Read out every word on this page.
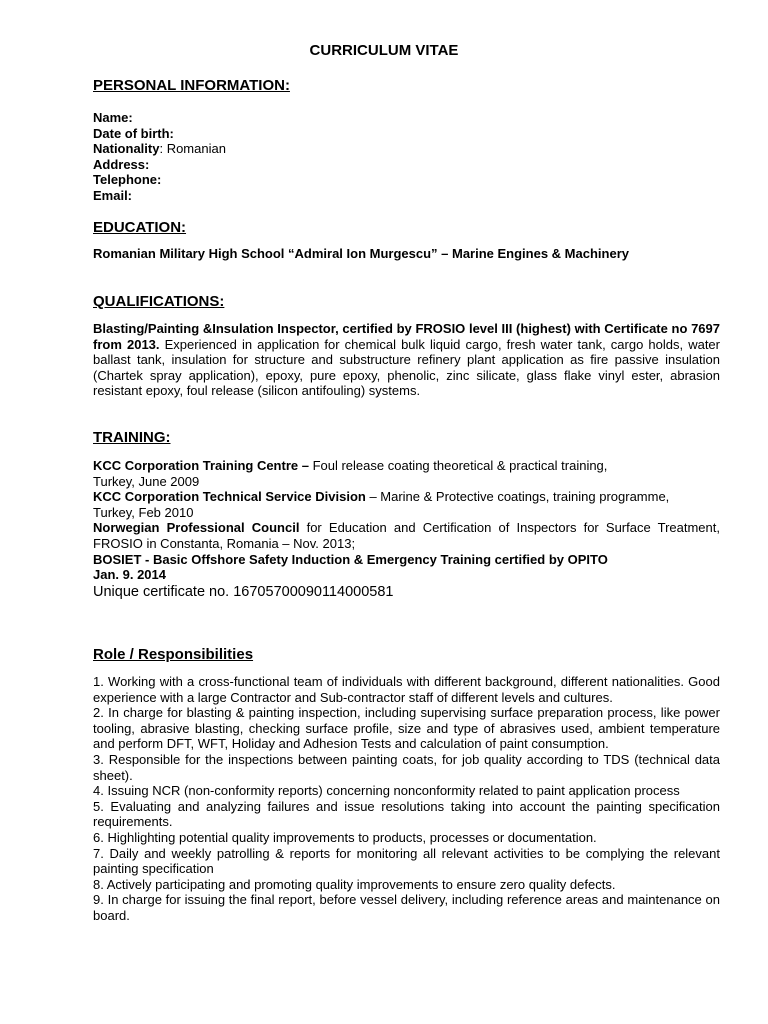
CURRICULUM VITAE
PERSONAL INFORMATION:

Name:

Date of birth:

Nationality: Romanian

Address:

Telephone:

Email:

EDUCATION:

Romanian Military High School “Admiral Ion Murgescu” – Marine Engines & Machinery

QUALIFICATIONS:

Blasting/Painting &Insulation Inspector, certified by FROSIO level III (highest) with Certificate no 7697 from 2013. Experienced in application for chemical bulk liquid cargo, fresh water tank, cargo holds, water ballast tank, insulation for structure and substructure refinery plant application as fire passive insulation (Chartek spray application), epoxy, pure epoxy, phenolic, zinc silicate, glass flake vinyl ester, abrasion resistant epoxy, foul release (silicon antifouling) systems.

TRAINING:

KCC Corporation Training Centre – Foul release coating theoretical & practical training,

Turkey, June 2009

KCC Corporation Technical Service Division – Marine & Protective coatings, training programme,

Turkey, Feb 2010

Norwegian Professional Council for Education and Certification of Inspectors for Surface Treatment, FROSIO in Constanta, Romania – Nov. 2013;

BOSIET - Basic Offshore Safety Induction & Emergency Training certified by OPITO

Jan. 9. 2014

Unique certificate no. 16705700090114000581

Role / Responsibilities

1. Working with a cross-functional team of individuals with different background, different nationalities. Good experience with a large Contractor and Sub-contractor staff of different levels and cultures.

2. In charge for blasting & painting inspection, including supervising surface preparation process, like power tooling, abrasive blasting, checking surface profile, size and type of abrasives used, ambient temperature and perform DFT, WFT, Holiday and Adhesion Tests and calculation of paint consumption.

3. Responsible for the inspections between painting coats, for job quality according to TDS (technical data sheet).

4. Issuing NCR (non-conformity reports) concerning nonconformity related to paint application process

5. Evaluating and analyzing failures and issue resolutions taking into account the painting specification requirements.

6. Highlighting potential quality improvements to products, processes or documentation.

7. Daily and weekly patrolling & reports for monitoring all relevant activities to be complying the relevant painting specification

8. Actively participating and promoting quality improvements to ensure zero quality defects.

9. In charge for issuing the final report, before vessel delivery, including reference areas and maintenance on board.
